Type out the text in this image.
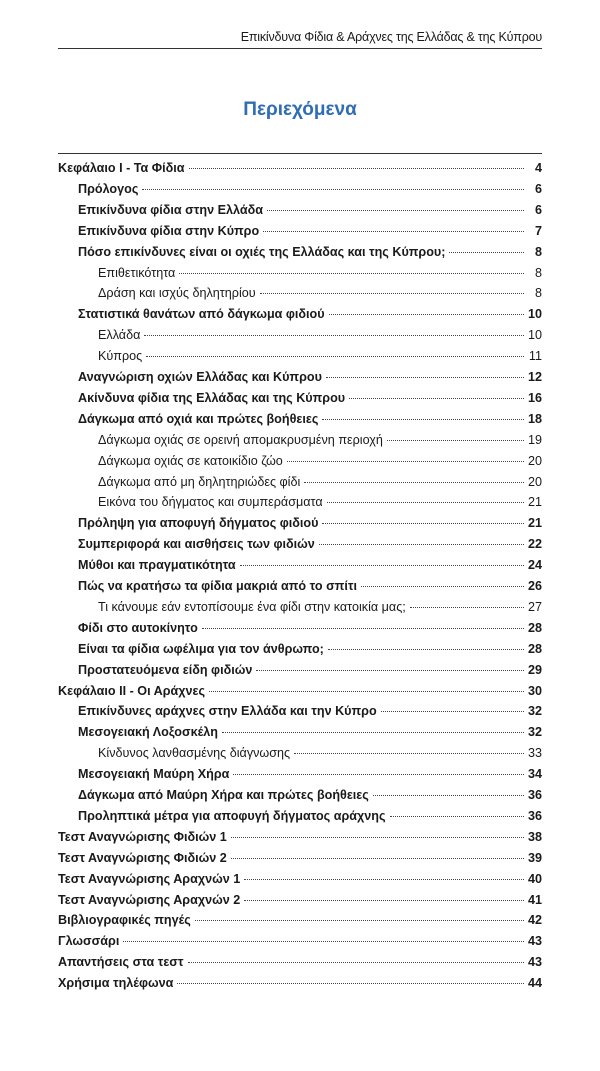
Επικίνδυνα Φίδια & Αράχνες της Ελλάδας & της Κύπρου
Περιεχόμενα
Κεφάλαιο Ι - Τα Φίδια	4
Πρόλογος	6
Επικίνδυνα φίδια στην Ελλάδα	6
Επικίνδυνα φίδια στην Κύπρο	7
Πόσο επικίνδυνες είναι οι οχιές της Ελλάδας και της Κύπρου;	8
Επιθετικότητα	8
Δράση και ισχύς δηλητηρίου	8
Στατιστικά θανάτων από δάγκωμα φιδιού	10
Ελλάδα	10
Κύπρος	11
Αναγνώριση οχιών Ελλάδας και Κύπρου	12
Ακίνδυνα φίδια της Ελλάδας και της Κύπρου	16
Δάγκωμα από οχιά και πρώτες βοήθειες	18
Δάγκωμα οχιάς σε ορεινή απομακρυσμένη περιοχή	19
Δάγκωμα οχιάς σε κατοικίδιο ζώο	20
Δάγκωμα από μη δηλητηριώδες φίδι	20
Εικόνα του δήγματος και συμπεράσματα	21
Πρόληψη για αποφυγή δήγματος φιδιού	21
Συμπεριφορά και αισθήσεις των φιδιών	22
Μύθοι και πραγματικότητα	24
Πώς να κρατήσω τα φίδια μακριά από το σπίτι	26
Τι κάνουμε εάν εντοπίσουμε ένα φίδι στην κατοικία μας;	27
Φίδι στο αυτοκίνητο	28
Είναι τα φίδια ωφέλιμα για τον άνθρωπο;	28
Προστατευόμενα είδη φιδιών	29
Κεφάλαιο ΙΙ - Οι Αράχνες	30
Επικίνδυνες αράχνες στην Ελλάδα και την Κύπρο	32
Μεσογειακή Λοξοσκέλη	32
Κίνδυνος λανθασμένης διάγνωσης	33
Μεσογειακή Μαύρη Χήρα	34
Δάγκωμα από Μαύρη Χήρα και πρώτες βοήθειες	36
Προληπτικά μέτρα για αποφυγή δήγματος αράχνης	36
Τεστ Αναγνώρισης Φιδιών 1	38
Τεστ Αναγνώρισης Φιδιών 2	39
Τεστ Αναγνώρισης Αραχνών 1	40
Τεστ Αναγνώρισης Αραχνών 2	41
Βιβλιογραφικές πηγές	42
Γλωσσάρι	43
Απαντήσεις στα τεστ	43
Χρήσιμα τηλέφωνα	44
